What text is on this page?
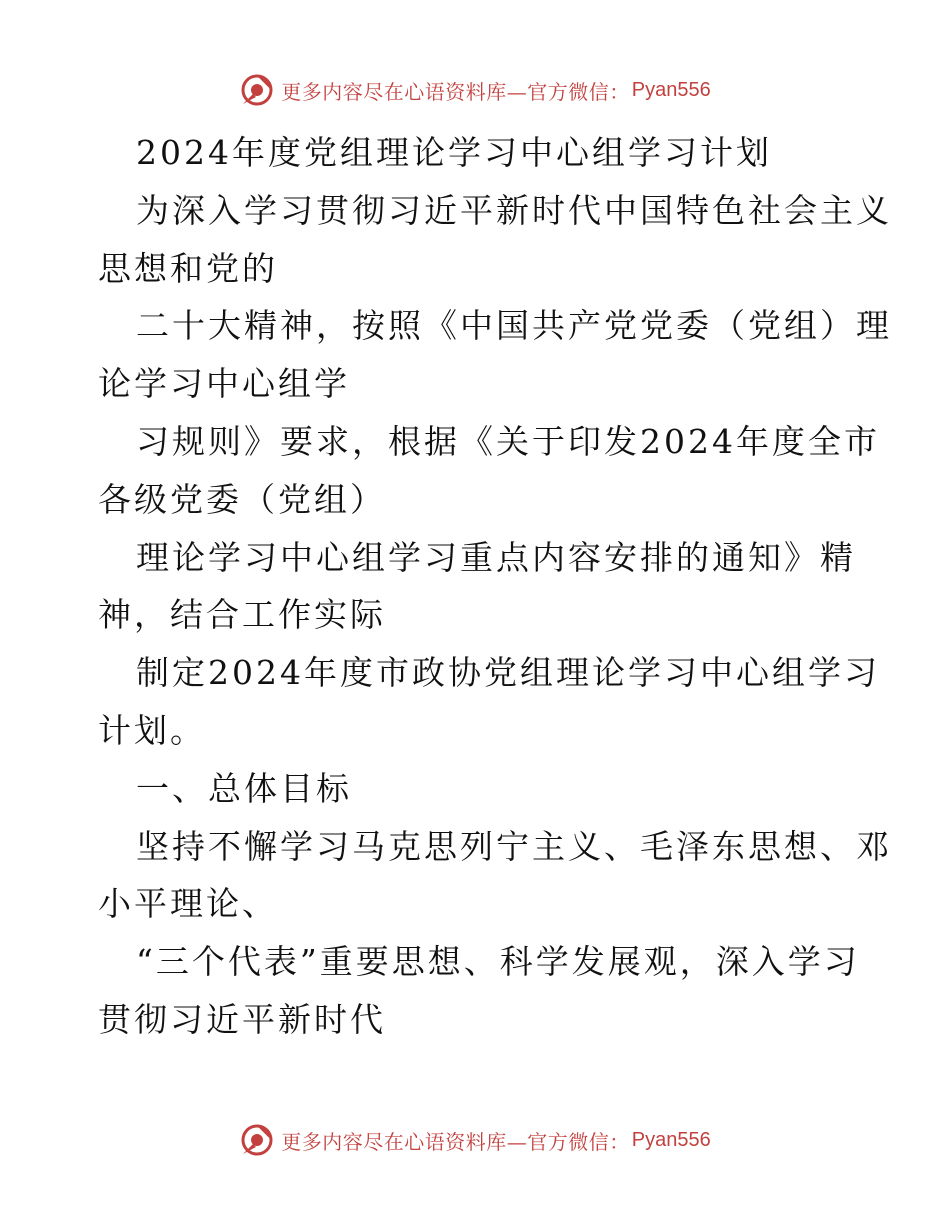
更多内容尽在心语资料库—官方微信： Pyan556
2024年度党组理论学习中心组学习计划
为深入学习贯彻习近平新时代中国特色社会主义
思想和党的
二十大精神，按照《中国共产党党委（党组）理
论学习中心组学
习规则》要求，根据《关于印发2024年度全市
各级党委（党组）
理论学习中心组学习重点内容安排的通知》精
神，结合工作实际
制定2024年度市政协党组理论学习中心组学习
计划。
一、总体目标
坚持不懈学习马克思列宁主义、毛泽东思想、邓
小平理论、
“三个代表”重要思想、科学发展观，深入学习
贯彻习近平新时代
更多内容尽在心语资料库—官方微信： Pyan556
